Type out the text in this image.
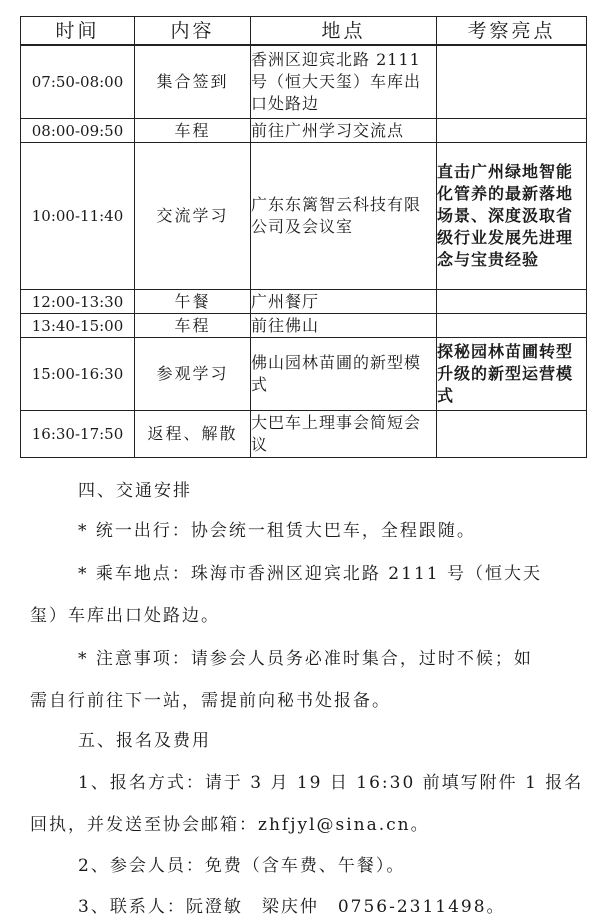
时间	内容	地点	考察亮点
07:50-08:00	集合签到	香洲区迎宾北路 2111 号（恒大天玺）车库出口处路边	
08:00-09:50	车程	前往广州学习交流点	
10:00-11:40	交流学习	广东东篱智云科技有限公司及会议室	直击广州绿地智能化管养的最新落地场景、深度汲取省级行业发展先进理念与宝贵经验
12:00-13:30	午餐	广州餐厅	
13:40-15:00	车程	前往佛山	
15:00-16:30	参观学习	佛山园林苗圃的新型模式	探秘园林苗圃转型升级的新型运营模式
16:30-17:50	返程、解散	大巴车上理事会简短会议	
四、交通安排
* 统一出行：协会统一租赁大巴车，全程跟随。
* 乘车地点：珠海市香洲区迎宾北路 2111 号（恒大天
玺）车库出口处路边。
* 注意事项：请参会人员务必准时集合，过时不候；如
需自行前往下一站，需提前向秘书处报备。
五、报名及费用
1、报名方式：请于 3 月 19 日 16:30 前填写附件 1 报名
回执，并发送至协会邮箱：zhfjyl@sina.cn。
2、参会人员：免费（含车费、午餐）。
3、联系人：阮澄敏　梁庆仲　0756-2311498。
